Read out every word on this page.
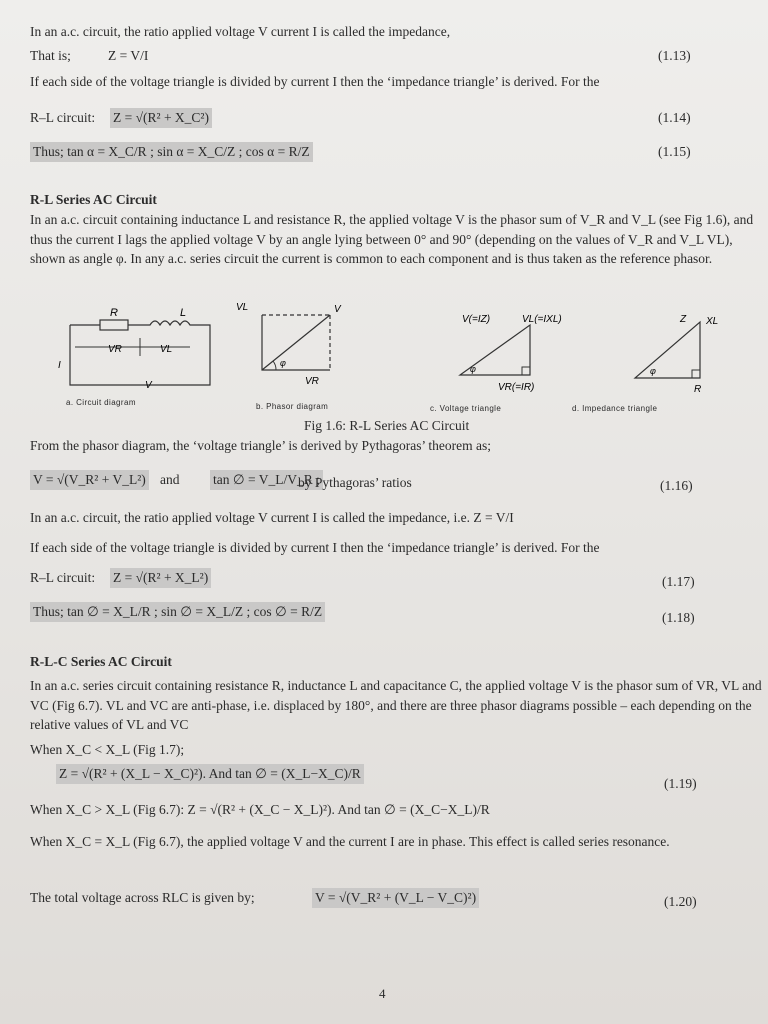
In an a.c. circuit, the ratio applied voltage V current I is called the impedance,
That is;	Z = V/I	(1.13)
If each side of the voltage triangle is divided by current I then the ‘impedance triangle’ is derived. For the
R–L circuit: Z = √(R² + X_C²)	(1.14)
Thus; tan α = X_C/R ; sin α = X_C/Z ; cos α = R/Z	(1.15)
R-L Series AC Circuit
In an a.c. circuit containing inductance L and resistance R, the applied voltage V is the phasor sum of V_R and V_L (see Fig 1.6), and thus the current I lags the applied voltage V by an angle lying between 0° and 90° (depending on the values of V_R and V_L VL), shown as angle φ. In any a.c. series circuit the current is common to each component and is thus taken as the reference phasor.
R	L
VR	VL
V
I
VL	V
VR
φ
V(=IZ)	VL(=IXL)
VR(=IR)
φ
Z XL
R
φ
a. Circuit diagram	b. Phasor diagram	c. Voltage triangle	d. Impedance triangle
Fig 1.6: R-L Series AC Circuit
From the phasor diagram, the ‘voltage triangle’ is derived by Pythagoras’ theorem as;
V = √(V_R² + V_L²) and tan ∅ = V_L/V_R ;
by Pythagoras’ ratios	(1.16)
In an a.c. circuit, the ratio applied voltage V current I is called the impedance, i.e. Z = V/I
If each side of the voltage triangle is divided by current I then the ‘impedance triangle’ is derived. For the
R–L circuit: Z = √(R² + X_L²)	(1.17)
Thus; tan ∅ = X_L/R ; sin ∅ = X_L/Z ; cos ∅ = R/Z	(1.18)
R-L-C Series AC Circuit
In an a.c. series circuit containing resistance R, inductance L and capacitance C, the applied voltage V is the phasor sum of VR, VL and VC (Fig 6.7). VL and VC are anti-phase, i.e. displaced by 180°, and there are three phasor diagrams possible – each depending on the relative values of VL and VC
When X_C < X_L (Fig 1.7);
Z = √(R² + (X_L − X_C)²). And tan ∅ = (X_L−X_C)/R
(1.19)
When X_C > X_L (Fig 6.7): Z = √(R² + (X_C − X_L)²). And tan ∅ = (X_C−X_L)/R
When X_C = X_L (Fig 6.7), the applied voltage V and the current I are in phase. This effect is called series resonance.
The total voltage across RLC is given by;	V = √(V_R² + (V_L − V_C)²)	(1.20)
4
